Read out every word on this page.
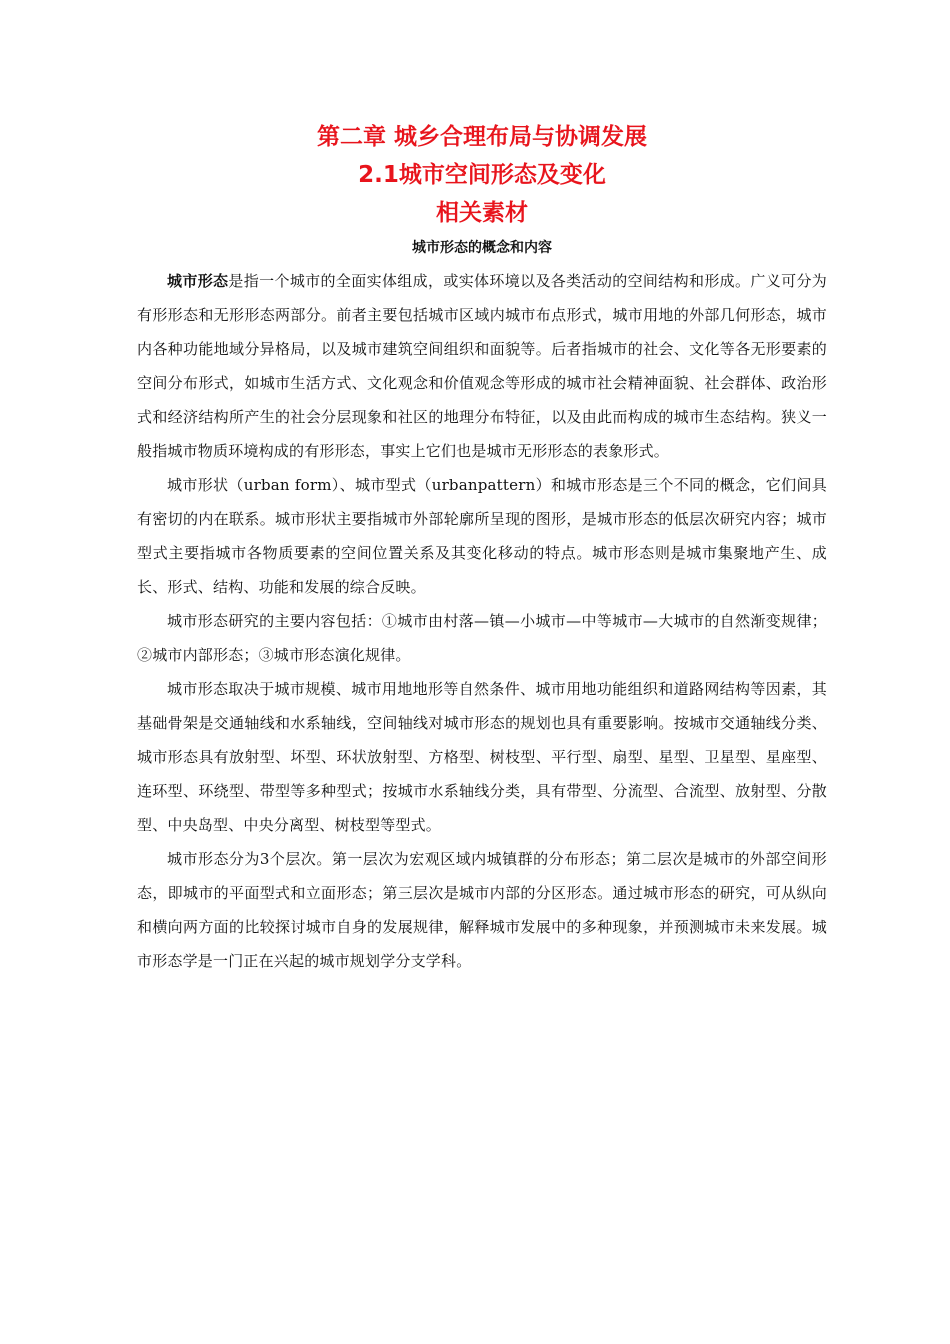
第二章 城乡合理布局与协调发展
2.1城市空间形态及变化
相关素材
城市形态的概念和内容

城市形态是指一个城市的全面实体组成，或实体环境以及各类活动的空间结构和形成。广义可分为有形形态和无形形态两部分。前者主要包括城市区域内城市布点形式，城市用地的外部几何形态，城市内各种功能地域分异格局，以及城市建筑空间组织和面貌等。后者指城市的社会、文化等各无形要素的空间分布形式，如城市生活方式、文化观念和价值观念等形成的城市社会精神面貌、社会群体、政治形式和经济结构所产生的社会分层现象和社区的地理分布特征，以及由此而构成的城市生态结构。狭义一般指城市物质环境构成的有形形态，事实上它们也是城市无形形态的表象形式。

城市形状（urban form）、城市型式（urbanpattern）和城市形态是三个不同的概念，它们间具有密切的内在联系。城市形状主要指城市外部轮廓所呈现的图形，是城市形态的低层次研究内容；城市型式主要指城市各物质要素的空间位置关系及其变化移动的特点。城市形态则是城市集聚地产生、成长、形式、结构、功能和发展的综合反映。

城市形态研究的主要内容包括：①城市由村落—镇—小城市—中等城市—大城市的自然渐变规律；②城市内部形态；③城市形态演化规律。

城市形态取决于城市规模、城市用地地形等自然条件、城市用地功能组织和道路网结构等因素，其基础骨架是交通轴线和水系轴线，空间轴线对城市形态的规划也具有重要影响。按城市交通轴线分类、城市形态具有放射型、坏型、环状放射型、方格型、树枝型、平行型、扇型、星型、卫星型、星座型、连环型、环绕型、带型等多种型式；按城市水系轴线分类，具有带型、分流型、合流型、放射型、分散型、中央岛型、中央分离型、树枝型等型式。

城市形态分为3个层次。第一层次为宏观区域内城镇群的分布形态；第二层次是城市的外部空间形态，即城市的平面型式和立面形态；第三层次是城市内部的分区形态。通过城市形态的研究，可从纵向和横向两方面的比较探讨城市自身的发展规律，解释城市发展中的多种现象，并预测城市未来发展。城市形态学是一门正在兴起的城市规划学分支学科。
